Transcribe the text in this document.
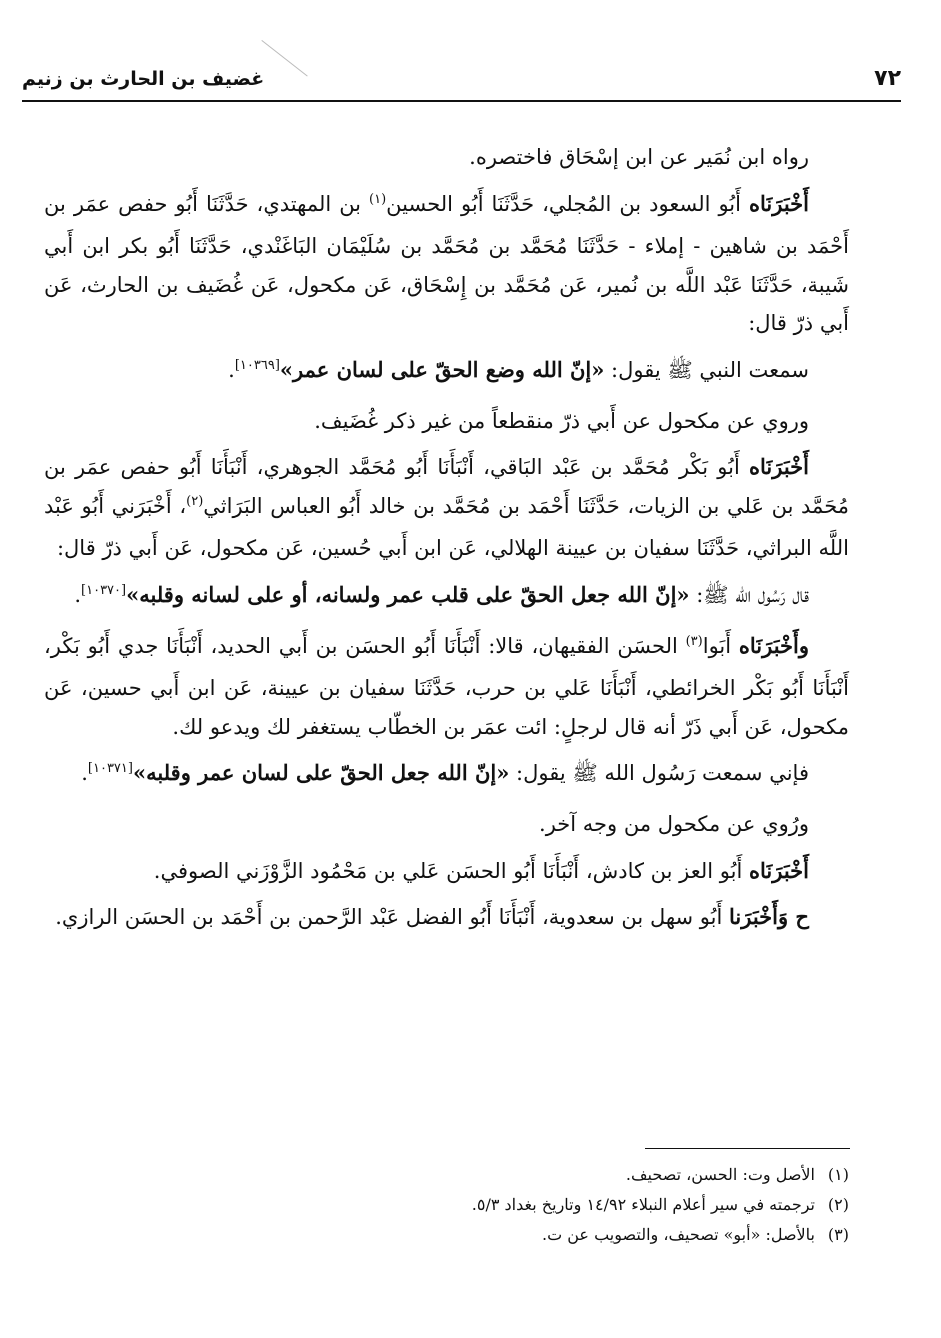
٧٢
غضيف بن الحارث بن زنيم

رواه ابن نُمَير عن ابن إسْحَاق فاختصره.

أَخْبَرَنَاه أَبُو السعود بن المُجلي، حَدَّثَنَا أَبُو الحسين$^{(١)}$ بن المهتدي، حَدَّثَنَا أَبُو حفص عمَر بن أَحْمَد بن شاهين - إملاء - حَدَّثَنَا مُحَمَّد بن مُحَمَّد بن سُلَيْمَان البَاغَنْدي، حَدَّثَنَا أَبُو بكر ابن أَبي شَيبة، حَدَّثَنَا عَبْد اللَّه بن نُمير، عَن مُحَمَّد بن إِسْحَاق، عَن مكحول، عَن غُضَيف بن الحارث، عَن أَبي ذرّ قال:

سمعت النبي ﷺ يقول: «إنّ الله وضع الحقّ على لسان عمر»[١٠٣٦٩].

وروي عن مكحول عن أَبي ذرّ منقطعاً من غير ذكر غُضَيف.

أَخْبَرَنَاه أَبُو بَكْر مُحَمَّد بن عَبْد البَاقي، أَنْبَأَنَا أَبُو مُحَمَّد الجوهري، أَنْبَأَنَا أَبُو حفص عمَر بن مُحَمَّد بن عَلي بن الزيات، حَدَّثَنَا أَحْمَد بن مُحَمَّد بن خالد أَبُو العباس البَرَاثي$^{(٢)}$، أَخْبَرَني أَبُو عَبْد اللَّه البراثي، حَدَّثَنَا سفيان بن عيينة الهلالي، عَن ابن أَبي حُسين، عَن مكحول، عَن أَبي ذرّ قال:

قال رَسُول الله ﷺ: «إنّ الله جعل الحقّ على قلب عمر ولسانه، أو على لسانه وقلبه»[١٠٣٧٠].

وأَخْبَرَنَاه أَبَوا$^{(٣)}$ الحسَن الفقيهان، قالا: أَنْبَأَنَا أَبُو الحسَن بن أَبي الحديد، أَنْبَأَنَا جدي أَبُو بَكْر، أَنْبَأَنَا أَبُو بَكْر الخرائطي، أَنْبَأَنَا عَلي بن حرب، حَدَّثَنَا سفيان بن عيينة، عَن ابن أَبي حسين، عَن مكحول، عَن أَبي ذَرّ أنه قال لرجلٍ: ائت عمَر بن الخطّاب يستغفر لك ويدعو لك.

فإني سمعت رَسُول الله ﷺ يقول: «إنّ الله جعل الحقّ على لسان عمر وقلبه»[١٠٣٧١].

ورُوي عن مكحول من وجه آخر.

أَخْبَرَنَاه أَبُو العز بن كادش، أَنْبَأَنَا أَبُو الحسَن عَلي بن مَحْمُود الزَّوْزَني الصوفي.

ح وَأَخْبَرَنا أَبُو سهل بن سعدوية، أَنْبَأَنَا أَبُو الفضل عَبْد الرَّحمن بن أَحْمَد بن الحسَن الرازي.

(١)الأصل وت: الحسن، تصحيف.

(٢)ترجمته في سير أعلام النبلاء ١٤/٩٢ وتاريخ بغداد ٥/٣.

(٣)بالأصل: «أبو» تصحيف، والتصويب عن ت.
